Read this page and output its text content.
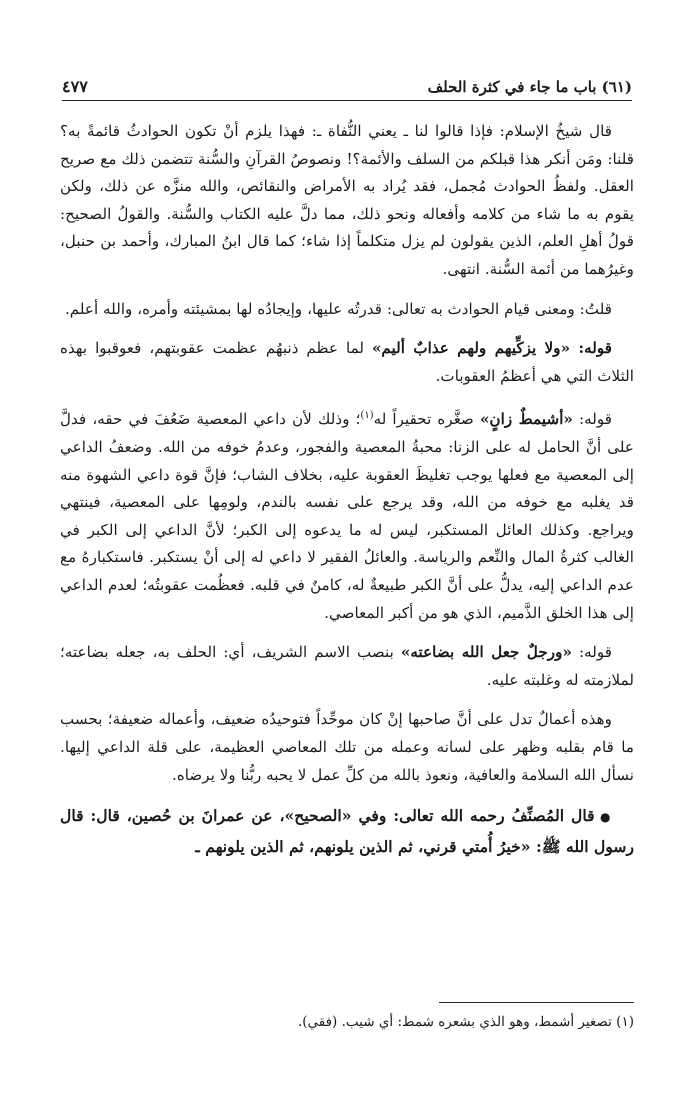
(٦١) باب ما جاء في كثرة الحلف
٤٧٧

قال شيخُ الإسلام: فإذا قالوا لنا ـ يعني النُّفاة ـ: فهذا يلزم أنْ تكون الحوادثُ قائمةً به؟ قلنا: ومَن أنكر هذا قبلكم من السلف والأئمة؟! ونصوصُ القرآنِ والسُّنة تتضمن ذلك مع صريح العقل. ولفظُ الحوادث مُجمل، فقد يُراد به الأمراض والنقائص، والله منزَّه عن ذلك، ولكن يقوم به ما شاء من كلامه وأفعاله ونحو ذلك، مما دلَّ عليه الكتاب والسُّنة. والقولُ الصحيح: قولُ أهلِ العلم، الذين يقولون لم يزل متكلماً إذا شاء؛ كما قال ابنُ المبارك، وأحمد بن حنبل، وغيرُهما من أئمة السُّنة. انتهى.

قلتُ: ومعنى قيام الحوادث به تعالى: قدرتُه عليها، وإيجادُه لها بمشيئته وأمره، والله أعلم.

قوله: «ولا يزكِّيهم ولهم عذابٌ أليم» لما عظم ذنبهُم عظمت عقوبتهم، فعوقبوا بهذه الثلاث التي هي أعظمُ العقوبات.

قوله: «أشيمطٌ زانٍ» صغَّره تحقيراً له$^{(١)}$؛ وذلك لأن داعي المعصية ضَعُفَ في حقه، فدلَّ على أنَّ الحامل له على الزنا: محبةُ المعصية والفجور، وعدمُ خوفه من الله. وضعفُ الداعي إلى المعصية مع فعلها يوجب تغليظَ العقوبة عليه، بخلاف الشاب؛ فإنَّ قوة داعي الشهوة منه قد يغلبه مع خوفه من الله، وقد يرجع على نفسه بالندم، ولومِها على المعصية، فينتهي ويراجع. وكذلك العائل المستكبر، ليس له ما يدعوه إلى الكبر؛ لأنَّ الداعي إلى الكبر في الغالب كثرةُ المال والنِّعم والرياسة. والعائلُ الفقير لا داعي له إلى أنْ يستكبر. فاستكبارهُ مع عدم الداعي إليه، يدلُّ على أنَّ الكبر طبيعةٌ له، كامنٌ في قلبه. فعظُمت عقوبتُه؛ لعدم الداعي إلى هذا الخلق الذَّميم، الذي هو من أكبر المعاصي.

قوله: «ورجلٌ جعل الله بضاعته» بنصب الاسم الشريف، أي: الحلف به، جعله بضاعته؛ لملازمته له وغلبته عليه.

وهذه أعمالٌ تدل على أنَّ صاحبها إنْ كان موحِّداً فتوحيدُه ضعيف، وأعماله ضعيفة؛ بحسب ما قام بقلبه وظهر على لسانه وعمله من تلك المعاصي العظيمة، على قلة الداعي إليها. نسأل الله السلامة والعافية، ونعوذ بالله من كلِّ عمل لا يحبه ربُّنا ولا يرضاه.

● قال المُصنِّفُ رحمه الله تعالى: وفي «الصحيح»، عن عمرانَ بن حُصين، قال: قال رسول الله ﷺ: «خيرُ أُمتي قرني، ثم الذين يلونهم، ثم الذين يلونهم ـ

(١) تصغير أشمط، وهو الذي بشعره شمط: أي شيب. (فقي).
